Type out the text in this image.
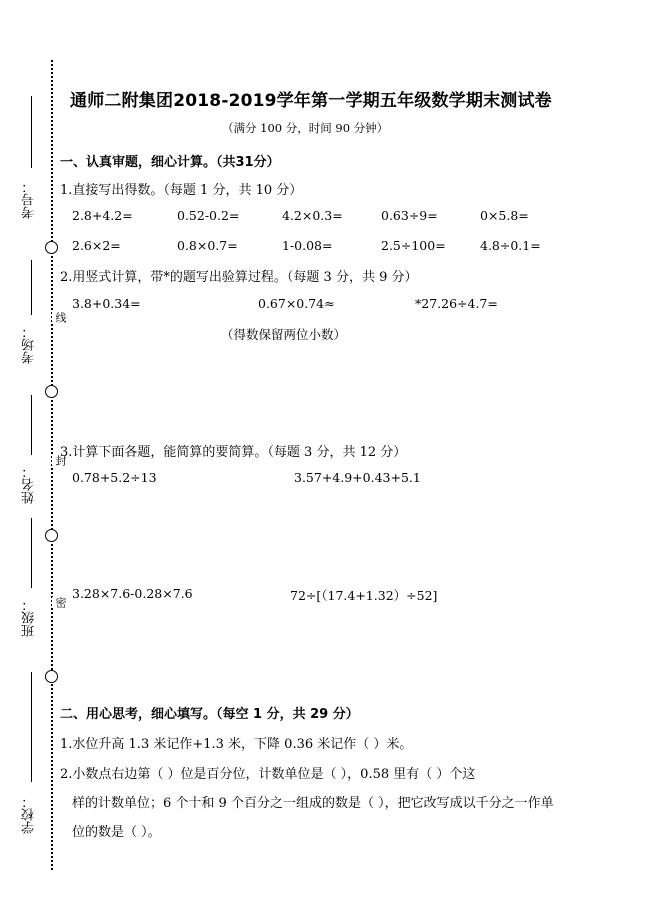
考号：
考场：
姓名：
班级：
学校：
线
封
密
通师二附集团2018-2019学年第一学期五年级数学期末测试卷
（满分 100 分，时间 90 分钟）
一、认真审题，细心计算。（共31分）
1.直接写出得数。（每题 1 分，共 10 分）
2.8+4.2=	0.52-0.2=	4.2×0.3=	0.63÷9=	0×5.8=
2.6×2=	0.8×0.7=	1-0.08=	2.5÷100=	4.8÷0.1=
2.用竖式计算，带*的题写出验算过程。（每题 3 分，共 9 分）
3.8+0.34=	0.67×0.74≈	*27.26÷4.7=
（得数保留两位小数）
3.计算下面各题，能简算的要简算。（每题 3 分，共 12 分）
0.78+5.2÷13	3.57+4.9+0.43+5.1
3.28×7.6-0.28×7.6	72÷[（17.4+1.32）÷52]
二、用心思考，细心填写。（每空 1 分，共 29 分）
1.水位升高 1.3 米记作+1.3 米，下降 0.36 米记作（ ）米。
2.小数点右边第（ ）位是百分位，计数单位是（ ），0.58 里有（ ）个这
样的计数单位；6 个十和 9 个百分之一组成的数是（ ），把它改写成以千分之一作单
位的数是（ ）。
